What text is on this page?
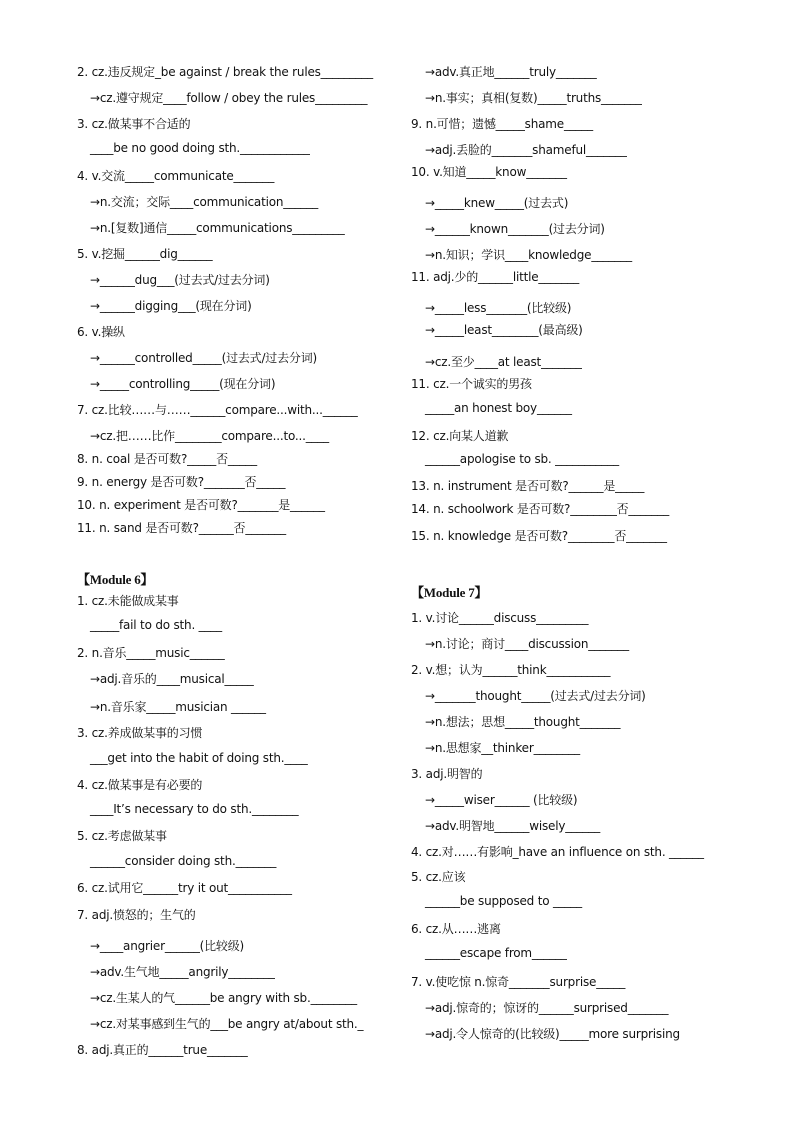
2. cz.违反规定_be against / break the rules_________
→cz.遵守规定____follow / obey the rules_________
3. cz.做某事不合适的
____be no good doing sth.____________
4. v.交流_____communicate_______
→n.交流；交际____communication______
→n.[复数]通信_____communications_________
5. v.挖掘______dig______
→______dug___(过去式/过去分词)
→______digging___(现在分词)
6. v.操纵
→______controlled_____(过去式/过去分词)
→_____controlling_____(现在分词)
7. cz.比较……与……______compare...with...______
→cz.把……比作________compare...to...____
8. n. coal 是否可数?_____否_____
9. n. energy 是否可数?_______否_____
10. n. experiment 是否可数?_______是______
11. n. sand 是否可数?______否_______
→adv.真正地______truly_______
→n.事实；真相(复数)_____truths_______
9. n.可惜；遗憾_____shame_____
→adj.丢脸的_______shameful_______
10. v.知道_____know_______
→_____knew_____(过去式)
→______known_______(过去分词)
→n.知识；学识____knowledge_______
11. adj.少的______little_______
→_____less_______(比较级)
→_____least________(最高级)
→cz.至少____at least_______
11. cz.一个诚实的男孩
_____an honest boy______
12. cz.向某人道歉
______apologise to sb. ___________
13. n. instrument 是否可数?______是_____
14. n. schoolwork 是否可数?________否_______
15. n. knowledge 是否可数?________否_______
【Module 6】
1. cz.未能做成某事
_____fail to do sth. ____
2. n.音乐_____music______
→adj.音乐的____musical_____
→n.音乐家_____musician ______
3. cz.养成做某事的习惯
___get into the habit of doing sth.____
4. cz.做某事是有必要的
____It’s necessary to do sth.________
5. cz.考虑做某事
______consider doing sth._______
6. cz.试用它______try it out___________
7. adj.愤怒的；生气的
→____angrier______(比较级)
→adv.生气地_____angrily________
→cz.生某人的气______be angry with sb.________
→cz.对某事感到生气的___be angry at/about sth._
8. adj.真正的______true_______
【Module 7】
1. v.讨论______discuss_________
→n.讨论；商讨____discussion_______
2. v.想；认为______think___________
→_______thought_____(过去式/过去分词)
→n.想法；思想_____thought_______
→n.思想家__thinker________
3. adj.明智的
→_____wiser______ (比较级)
→adv.明智地______wisely______
4. cz.对……有影响_have an influence on sth. ______
5. cz.应该
______be supposed to _____
6. cz.从……逃离
______escape from______
7. v.使吃惊 n.惊奇_______surprise_____
→adj.惊奇的；惊讶的______surprised_______
→adj.令人惊奇的(比较级)_____more surprising
